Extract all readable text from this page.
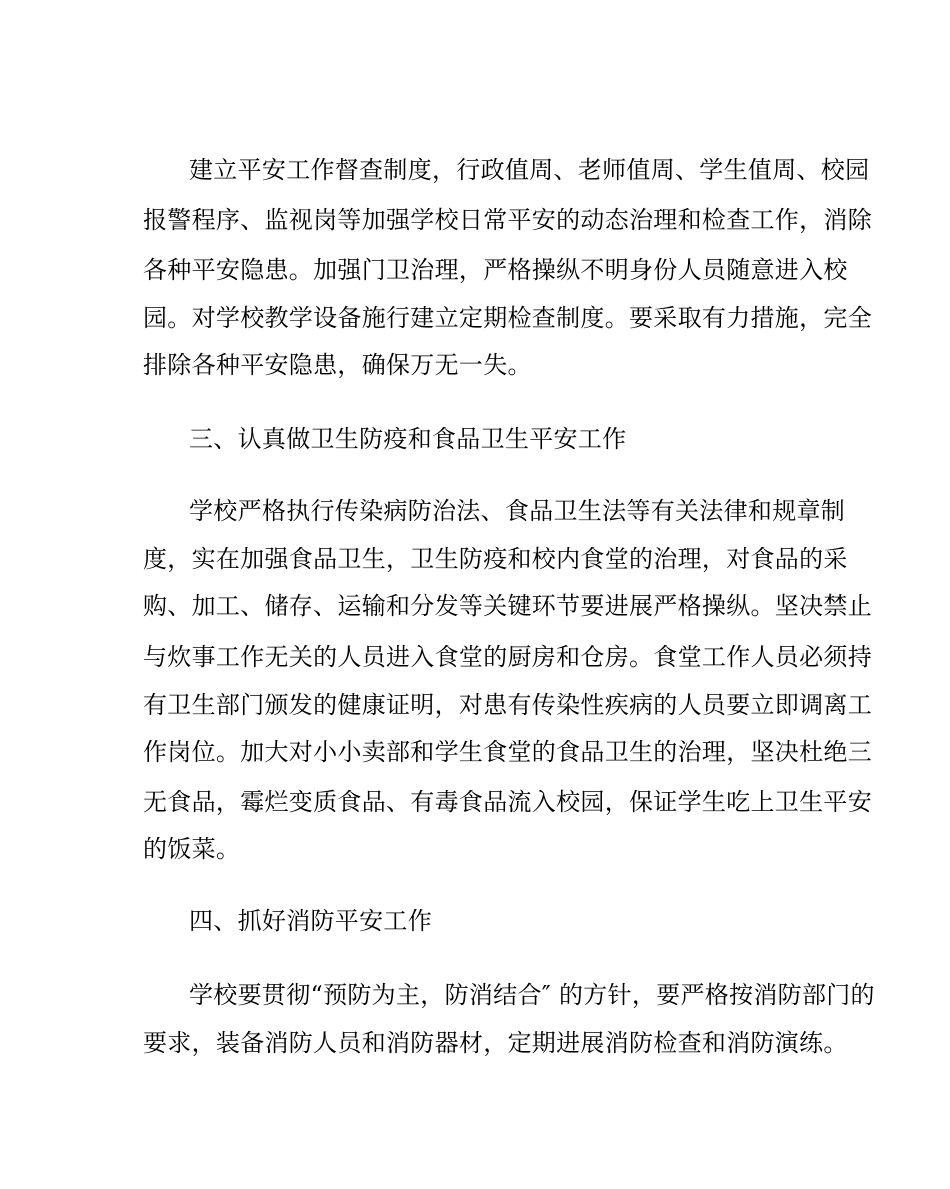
建立平安工作督查制度，行政值周、老师值周、学生值周、校园
报警程序、监视岗等加强学校日常平安的动态治理和检查工作，消除
各种平安隐患。加强门卫治理，严格操纵不明身份人员随意进入校
园。对学校教学设备施行建立定期检查制度。要采取有力措施，完全
排除各种平安隐患，确保万无一失。
三、认真做卫生防疫和食品卫生平安工作
学校严格执行传染病防治法、食品卫生法等有关法律和规章制
度，实在加强食品卫生，卫生防疫和校内食堂的治理，对食品的采
购、加工、储存、运输和分发等关键环节要进展严格操纵。坚决禁止
与炊事工作无关的人员进入食堂的厨房和仓房。食堂工作人员必须持
有卫生部门颁发的健康证明，对患有传染性疾病的人员要立即调离工
作岗位。加大对小小卖部和学生食堂的食品卫生的治理，坚决杜绝三
无食品，霉烂变质食品、有毒食品流入校园，保证学生吃上卫生平安
的饭菜。
四、抓好消防平安工作
学校要贯彻“预防为主，防消结合″ 的方针，要严格按消防部门的
要求，装备消防人员和消防器材，定期进展消防检查和消防演练。
